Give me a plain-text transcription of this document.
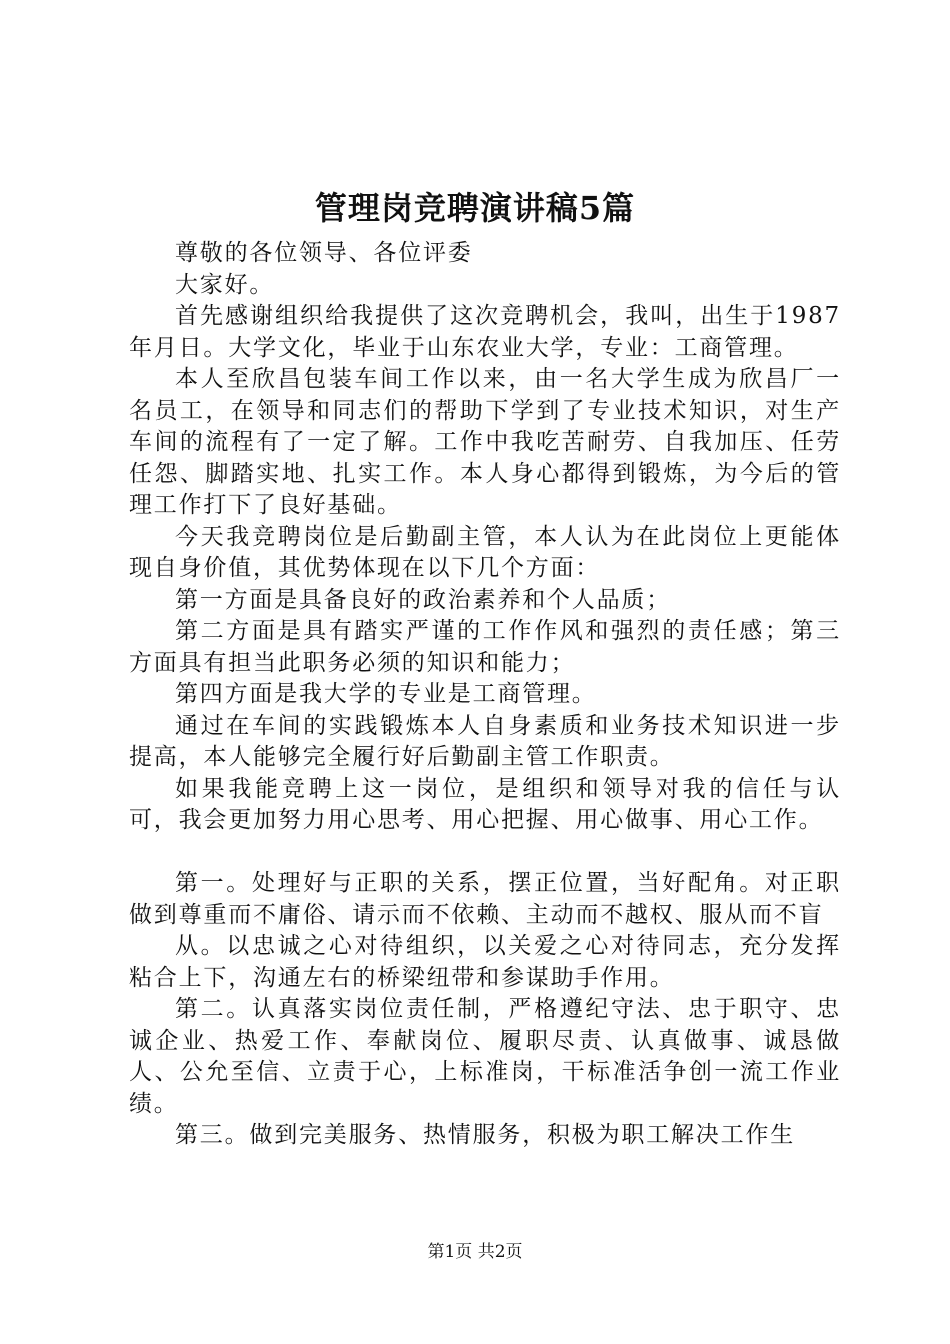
管理岗竞聘演讲稿5篇

尊敬的各位领导、各位评委

大家好。

首先感谢组织给我提供了这次竞聘机会，我叫，出生于1987年月日。大学文化，毕业于山东农业大学，专业：工商管理。

本人至欣昌包装车间工作以来，由一名大学生成为欣昌厂一名员工，在领导和同志们的帮助下学到了专业技术知识，对生产车间的流程有了一定了解。工作中我吃苦耐劳、自我加压、任劳任怨、脚踏实地、扎实工作。本人身心都得到锻炼，为今后的管理工作打下了良好基础。

今天我竞聘岗位是后勤副主管，本人认为在此岗位上更能体现自身价值，其优势体现在以下几个方面：

第一方面是具备良好的政治素养和个人品质；

第二方面是具有踏实严谨的工作作风和强烈的责任感；第三方面具有担当此职务必须的知识和能力；

第四方面是我大学的专业是工商管理。

通过在车间的实践锻炼本人自身素质和业务技术知识进一步提高，本人能够完全履行好后勤副主管工作职责。

如果我能竞聘上这一岗位，是组织和领导对我的信任与认可，我会更加努力用心思考、用心把握、用心做事、用心工作。

第一。处理好与正职的关系，摆正位置，当好配角。对正职做到尊重而不庸俗、请示而不依赖、主动而不越权、服从而不盲

从。以忠诚之心对待组织，以关爱之心对待同志，充分发挥粘合上下，沟通左右的桥梁纽带和参谋助手作用。

第二。认真落实岗位责任制，严格遵纪守法、忠于职守、忠诚企业、热爱工作、奉献岗位、履职尽责、认真做事、诚恳做人、公允至信、立责于心，上标准岗，干标准活争创一流工作业绩。

第三。做到完美服务、热情服务，积极为职工解决工作生

第1页 共2页
